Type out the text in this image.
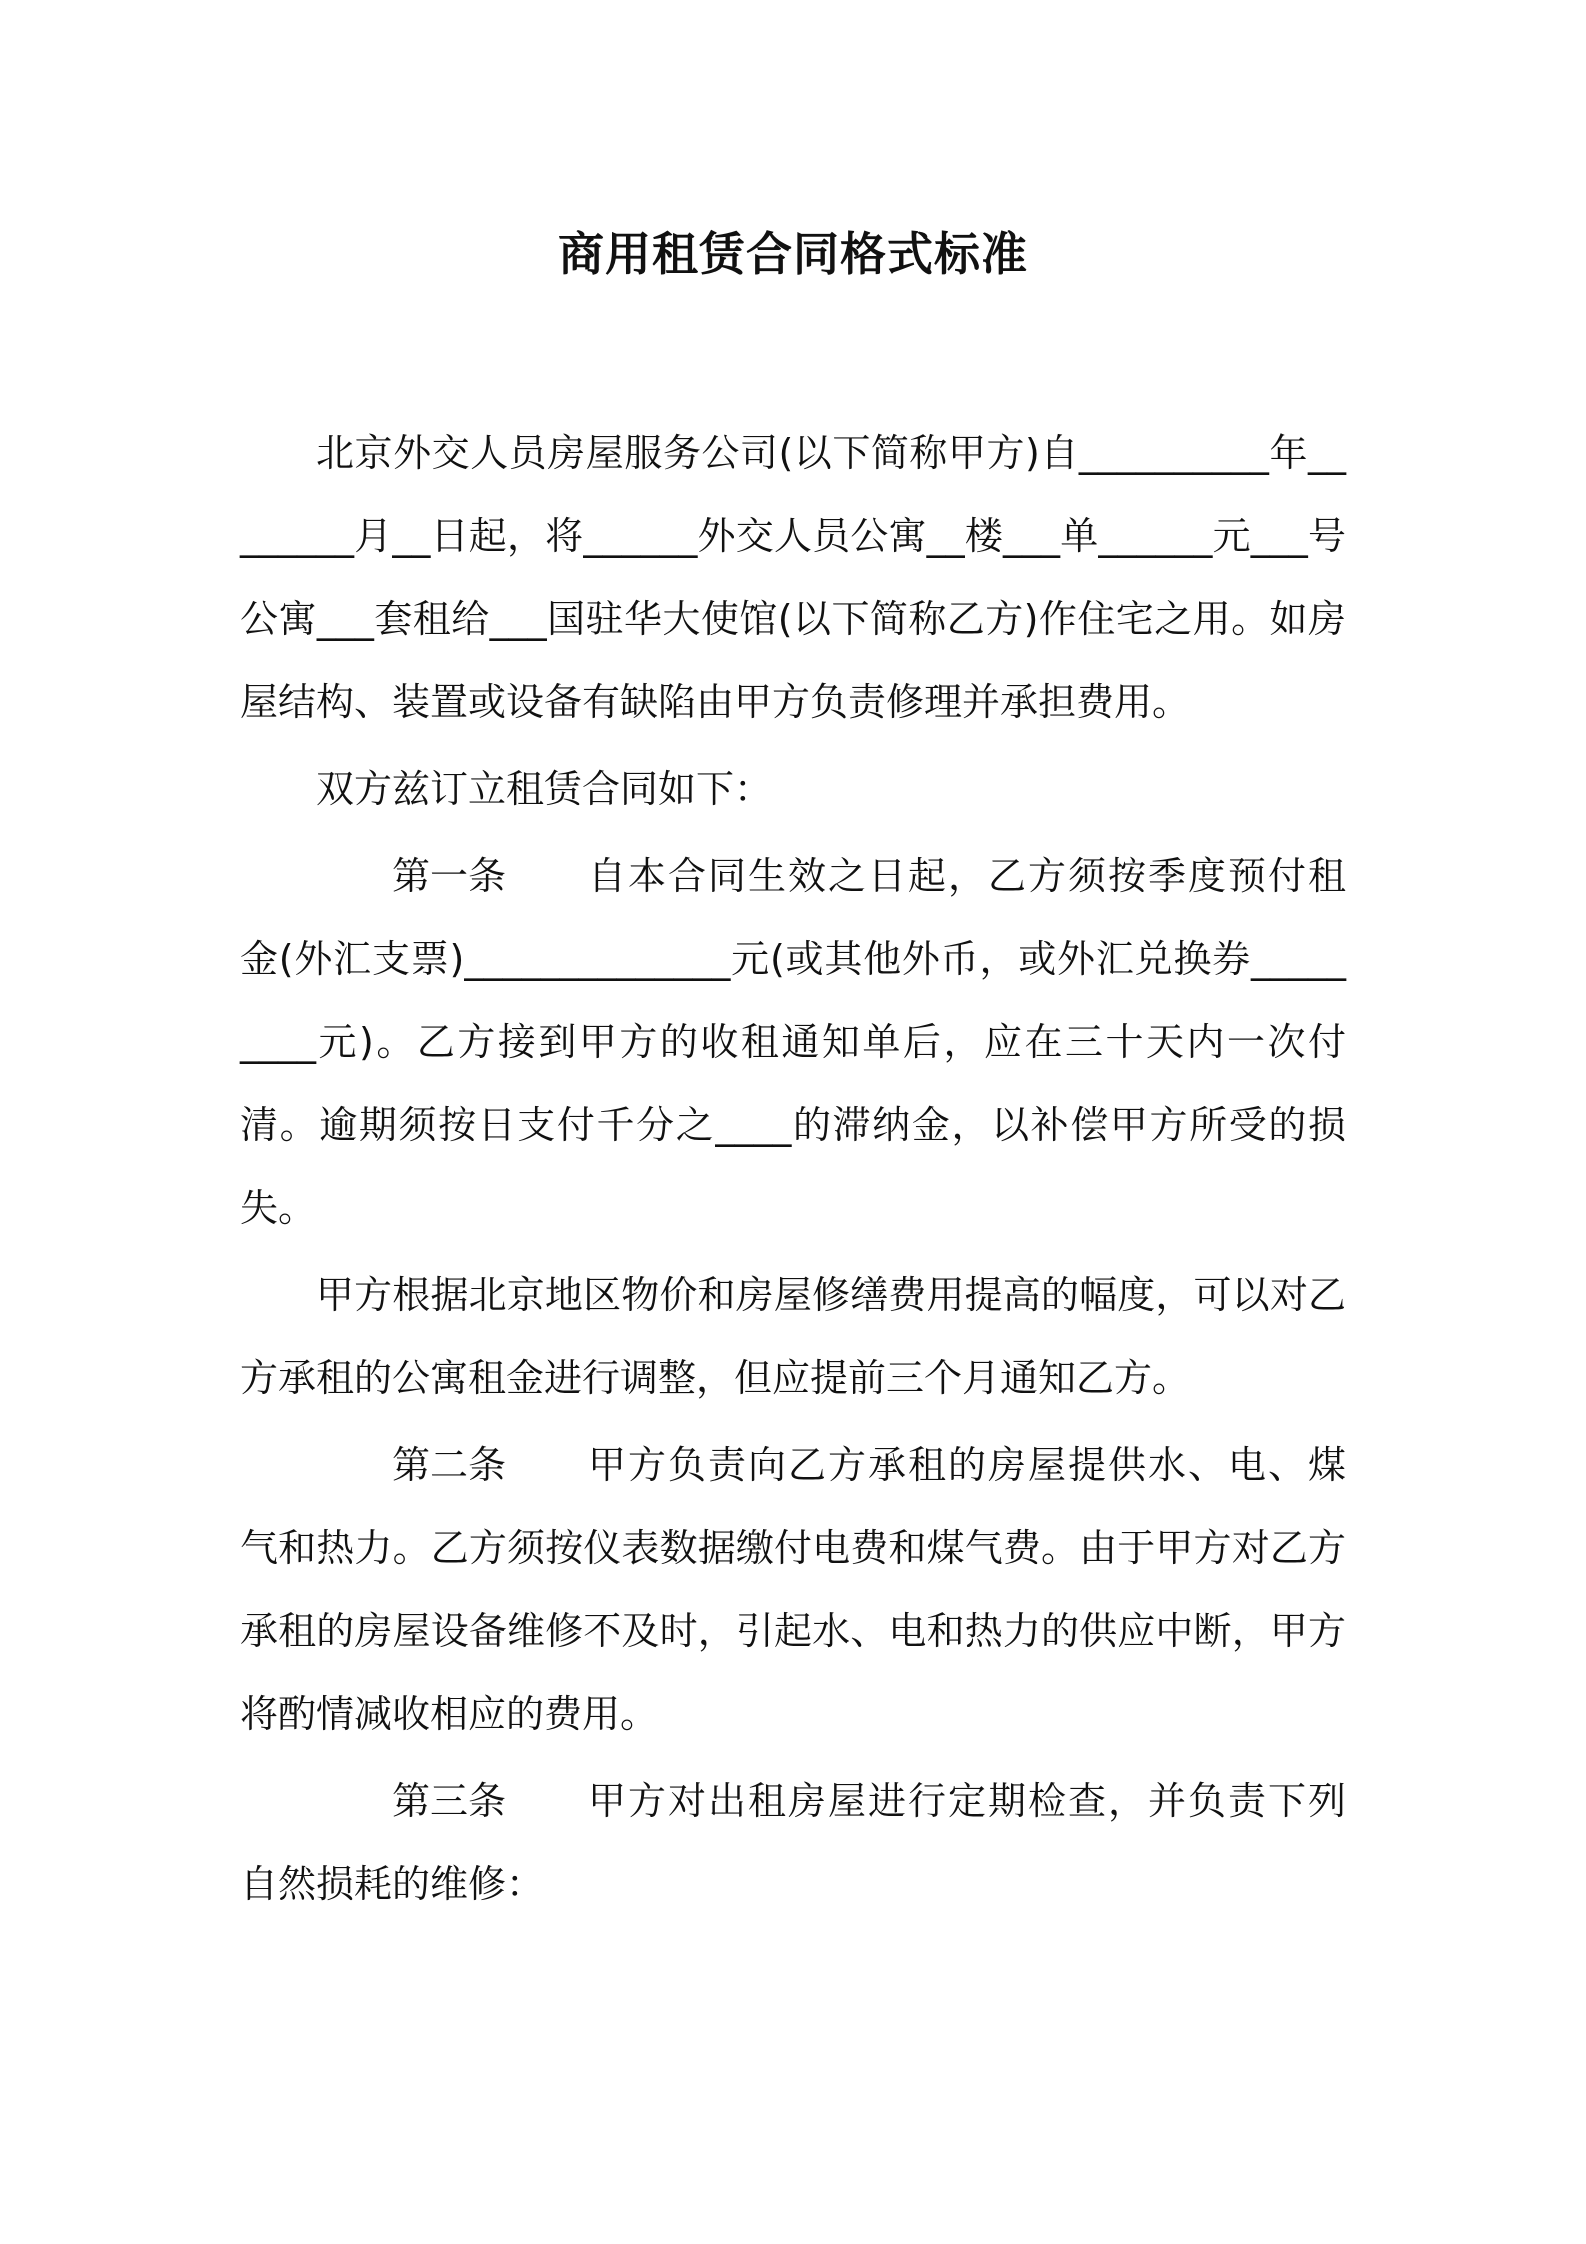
商用租赁合同格式标准

北京外交人员房屋服务公司(以下简称甲方)自__________年________月__日起，将______外交人员公寓__楼___单______元___号公寓___套租给___国驻华大使馆(以下简称乙方)作住宅之用。如房屋结构、装置或设备有缺陷由甲方负责修理并承担费用。

双方兹订立租赁合同如下：

第一条 自本合同生效之日起，乙方须按季度预付租金(外汇支票)______________元(或其他外币，或外汇兑换券_________元)。乙方接到甲方的收租通知单后，应在三十天内一次付清。逾期须按日支付千分之____的滞纳金，以补偿甲方所受的损失。

甲方根据北京地区物价和房屋修缮费用提高的幅度，可以对乙方承租的公寓租金进行调整，但应提前三个月通知乙方。

第二条 甲方负责向乙方承租的房屋提供水、电、煤气和热力。乙方须按仪表数据缴付电费和煤气费。由于甲方对乙方承租的房屋设备维修不及时，引起水、电和热力的供应中断，甲方将酌情减收相应的费用。

第三条 甲方对出租房屋进行定期检查，并负责下列自然损耗的维修：
